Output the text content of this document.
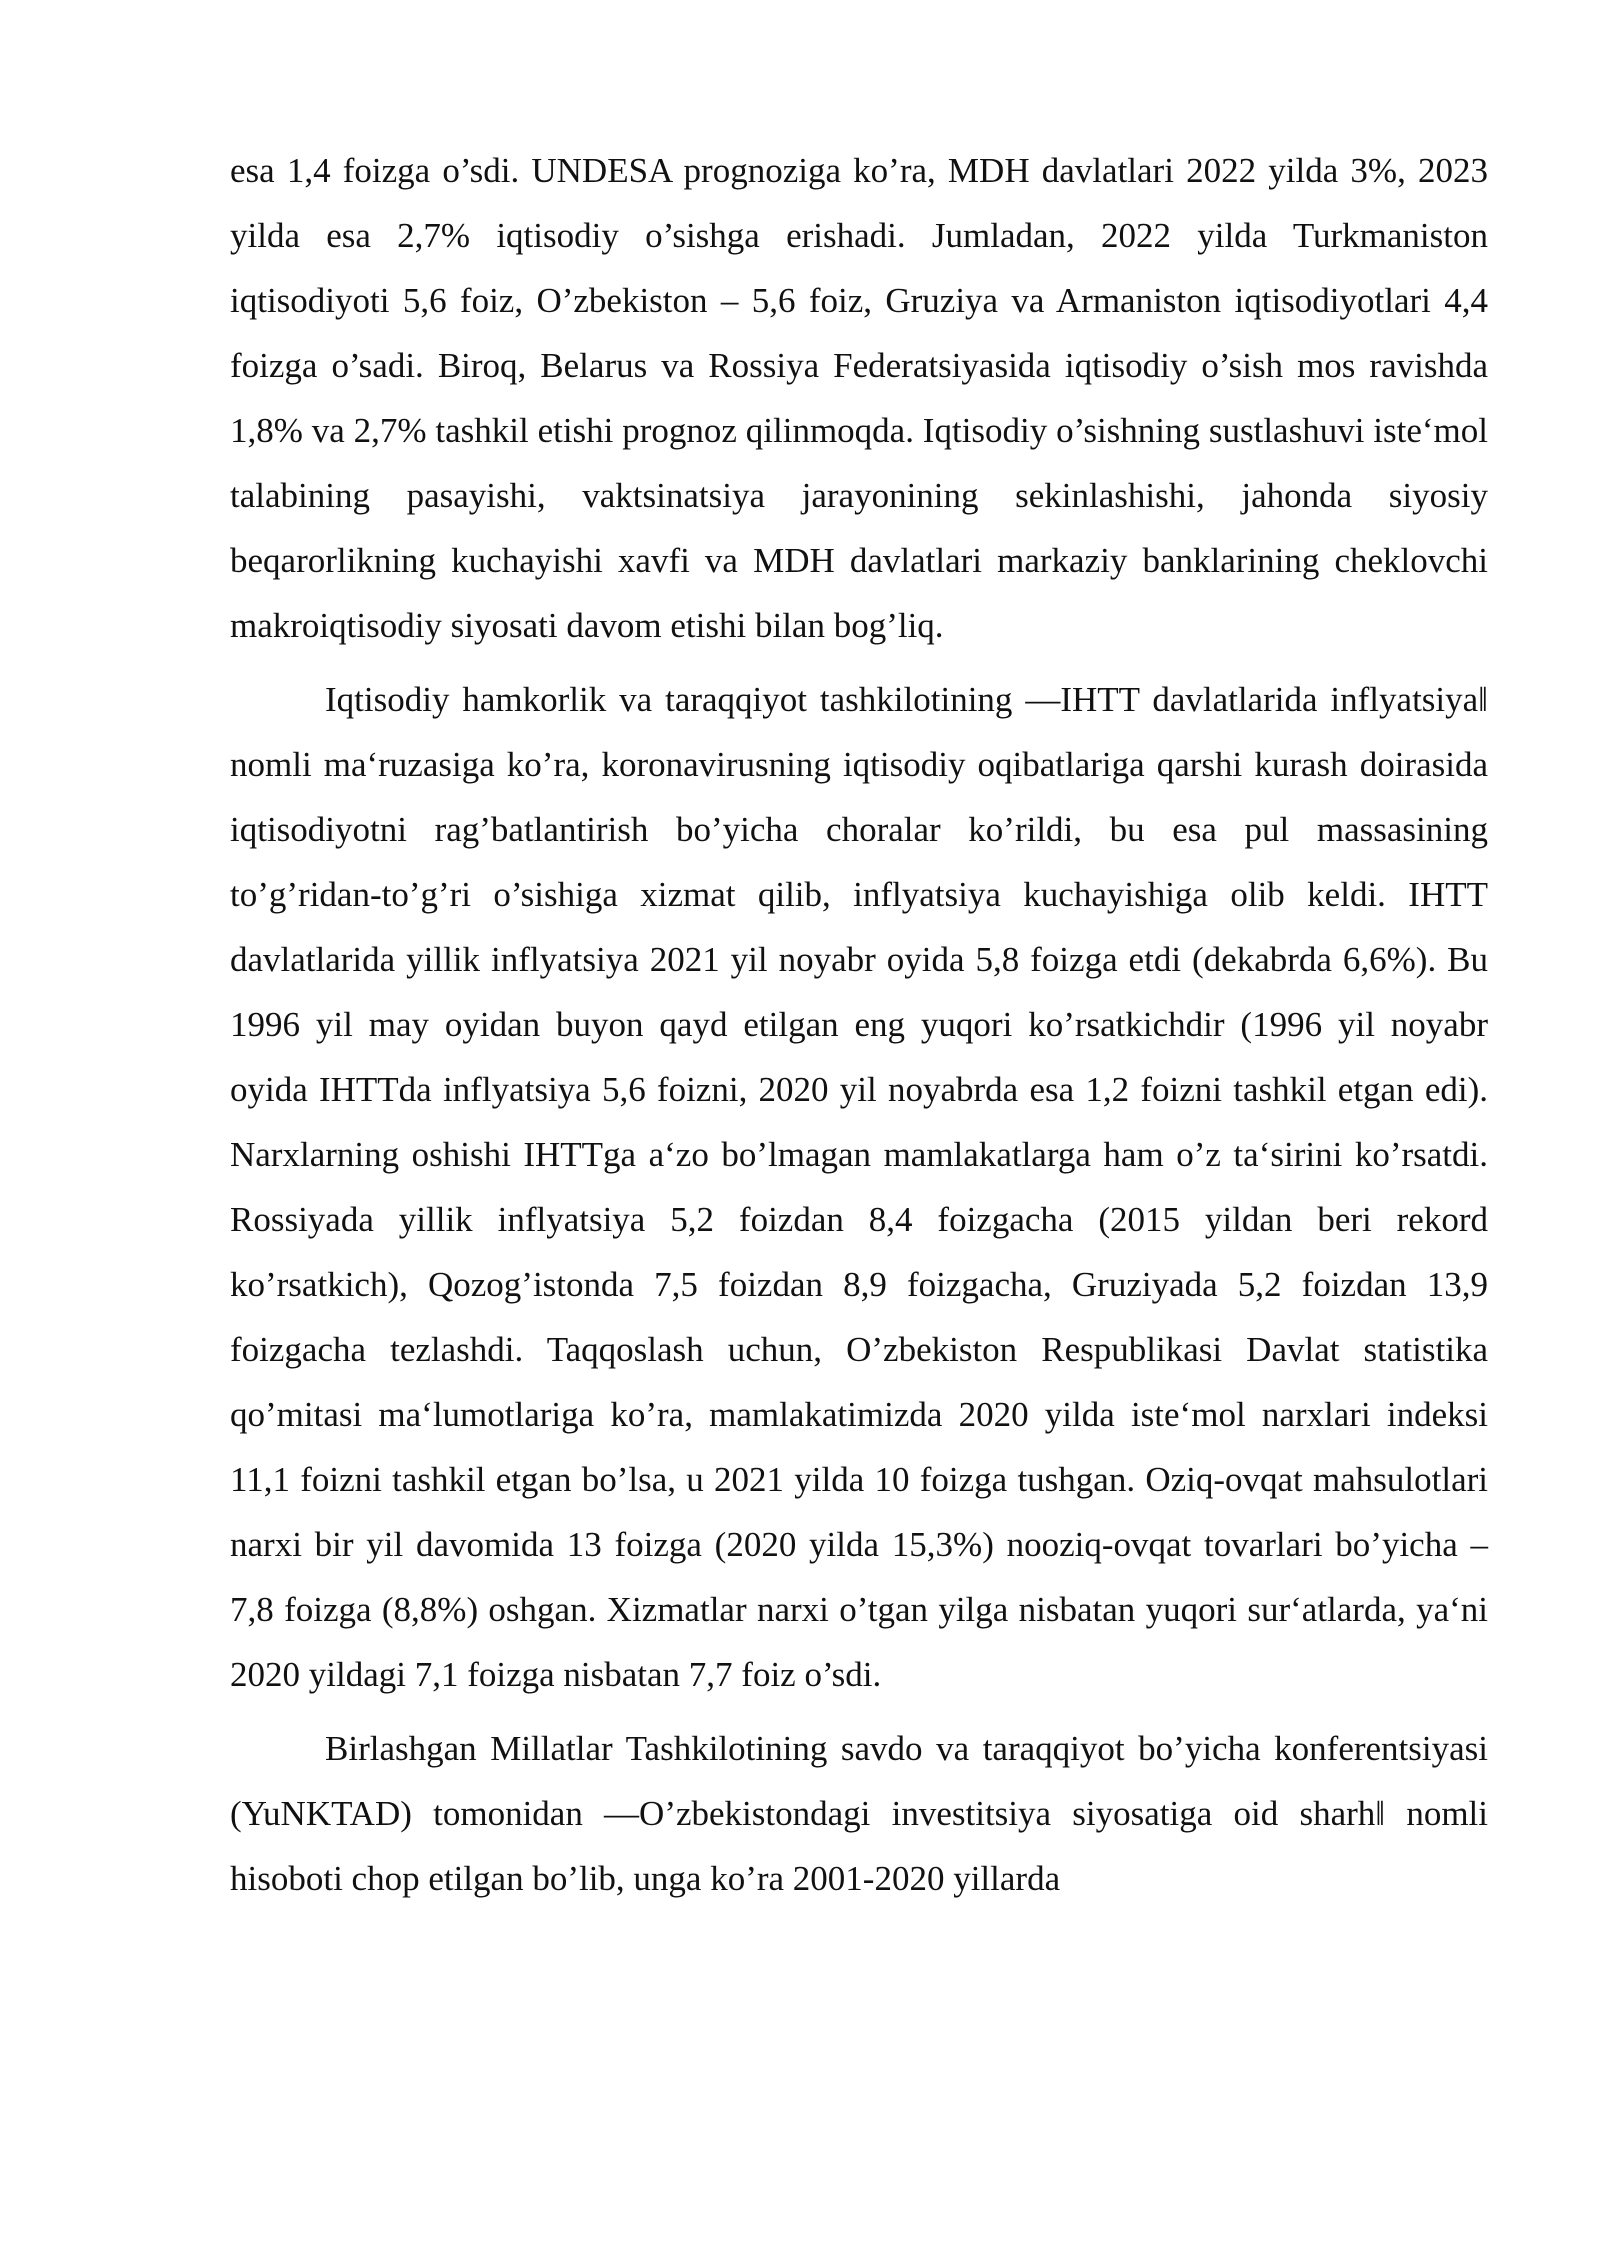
esa 1,4 foizga o’sdi. UNDESA prognoziga ko’ra, MDH davlatlari 2022 yilda 3%, 2023 yilda esa 2,7% iqtisodiy o’sishga erishadi. Jumladan, 2022 yilda Turkmaniston iqtisodiyoti 5,6 foiz, O’zbekiston – 5,6 foiz, Gruziya va Armaniston iqtisodiyotlari 4,4 foizga o’sadi. Biroq, Belarus va Rossiya Federatsiyasida iqtisodiy o’sish mos ravishda 1,8% va 2,7% tashkil etishi prognoz qilinmoqda. Iqtisodiy o’sishning sustlashuvi iste‘mol talabining pasayishi, vaktsinatsiya jarayonining sekinlashishi, jahonda siyosiy beqarorlikning kuchayishi xavfi va MDH davlatlari markaziy banklarining cheklovchi makroiqtisodiy siyosati davom etishi bilan bog’liq.

Iqtisodiy hamkorlik va taraqqiyot tashkilotining ―IHTT davlatlarida inflyatsiya‖ nomli ma‘ruzasiga ko’ra, koronavirusning iqtisodiy oqibatlariga qarshi kurash doirasida iqtisodiyotni rag’batlantirish bo’yicha choralar ko’rildi, bu esa pul massasining to’g’ridan-to’g’ri o’sishiga xizmat qilib, inflyatsiya kuchayishiga olib keldi. IHTT davlatlarida yillik inflyatsiya 2021 yil noyabr oyida 5,8 foizga etdi (dekabrda 6,6%). Bu 1996 yil may oyidan buyon qayd etilgan eng yuqori ko’rsatkichdir (1996 yil noyabr oyida IHTTda inflyatsiya 5,6 foizni, 2020 yil noyabrda esa 1,2 foizni tashkil etgan edi). Narxlarning oshishi IHTTga a‘zo bo’lmagan mamlakatlarga ham o’z ta‘sirini ko’rsatdi. Rossiyada yillik inflyatsiya 5,2 foizdan 8,4 foizgacha (2015 yildan beri rekord ko’rsatkich), Qozog’istonda 7,5 foizdan 8,9 foizgacha, Gruziyada 5,2 foizdan 13,9 foizgacha tezlashdi. Taqqoslash uchun, O’zbekiston Respublikasi Davlat statistika qo’mitasi ma‘lumotlariga ko’ra, mamlakatimizda 2020 yilda iste‘mol narxlari indeksi 11,1 foizni tashkil etgan bo’lsa, u 2021 yilda 10 foizga tushgan. Oziq-ovqat mahsulotlari narxi bir yil davomida 13 foizga (2020 yilda 15,3%) nooziq-ovqat tovarlari bo’yicha – 7,8 foizga (8,8%) oshgan. Xizmatlar narxi o’tgan yilga nisbatan yuqori sur‘atlarda, ya‘ni 2020 yildagi 7,1 foizga nisbatan 7,7 foiz o’sdi.

Birlashgan Millatlar Tashkilotining savdo va taraqqiyot bo’yicha konferentsiyasi (YuNKTAD) tomonidan ―O’zbekistondagi investitsiya siyosatiga oid sharh‖ nomli hisoboti chop etilgan bo’lib, unga ko’ra 2001-2020 yillarda
